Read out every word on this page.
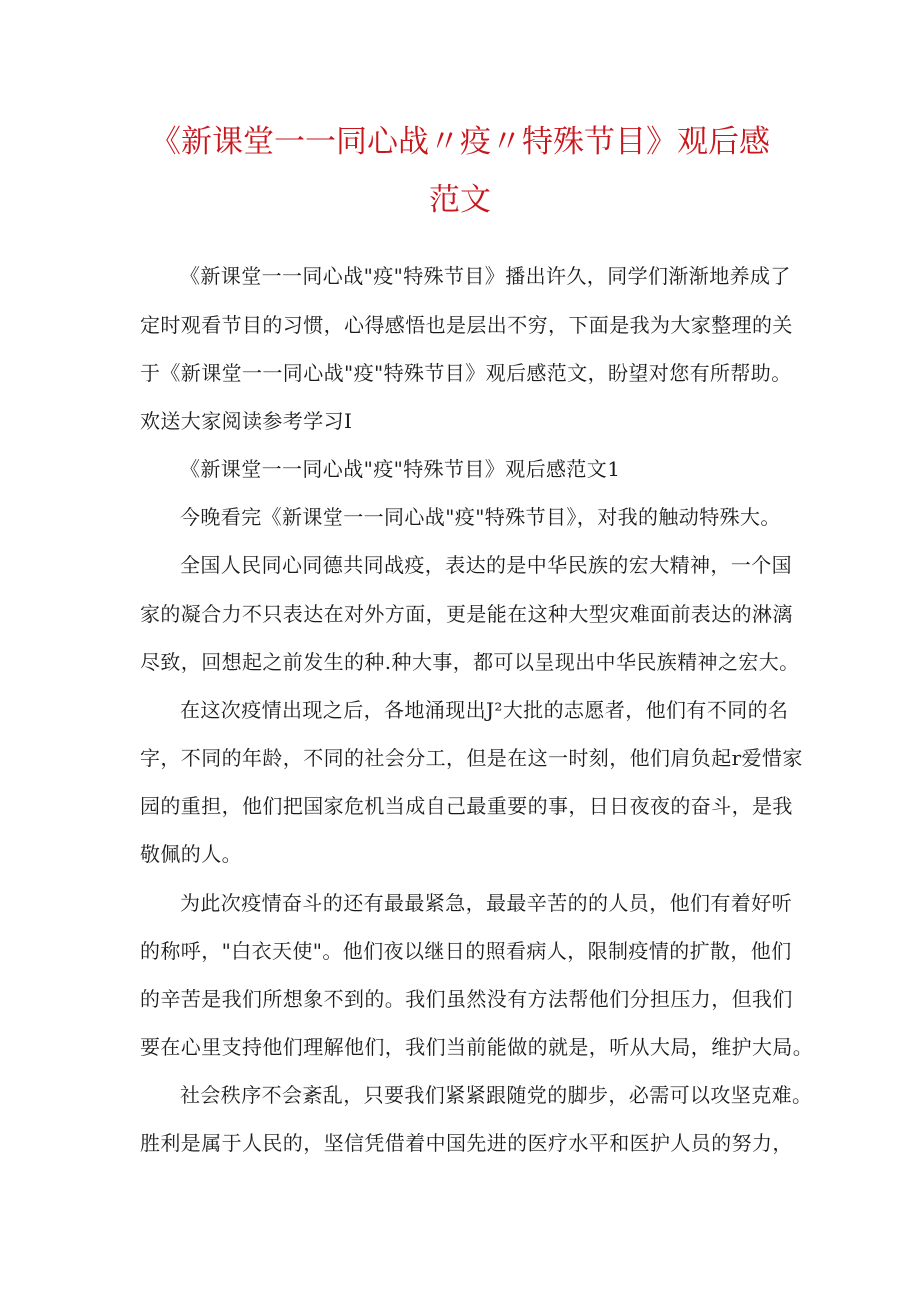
《新课堂一一同心战〃疫〃特殊节目》观后感
范文
《新课堂一一同心战"疫"特殊节目》播出许久，同学们渐渐地养成了
定时观看节目的习惯，心得感悟也是层出不穷，下面是我为大家整理的关
于《新课堂一一同心战"疫"特殊节目》观后感范文，盼望对您有所帮助。
欢送大家阅读参考学习I
《新课堂一一同心战"疫"特殊节目》观后感范文1
今晚看完《新课堂一一同心战"疫"特殊节目》，对我的触动特殊大。
全国人民同心同德共同战疫，表达的是中华民族的宏大精神，一个国
家的凝合力不只表达在对外方面，更是能在这种大型灾难面前表达的淋漓
尽致，回想起之前发生的种.种大事，都可以呈现出中华民族精神之宏大。
在这次疫情出现之后，各地涌现出J²大批的志愿者，他们有不同的名
字，不同的年龄，不同的社会分工，但是在这一时刻，他们肩负起r爱惜家
园的重担，他们把国家危机当成自己最重要的事，日日夜夜的奋斗，是我
敬佩的人。
为此次疫情奋斗的还有最最紧急，最最辛苦的的人员，他们有着好听
的称呼，"白衣天使"。他们夜以继日的照看病人，限制疫情的扩散，他们
的辛苦是我们所想象不到的。我们虽然没有方法帮他们分担压力，但我们
要在心里支持他们理解他们，我们当前能做的就是，听从大局，维护大局。
社会秩序不会紊乱，只要我们紧紧跟随党的脚步，必需可以攻坚克难。
胜利是属于人民的，坚信凭借着中国先进的医疗水平和医护人员的努力，
